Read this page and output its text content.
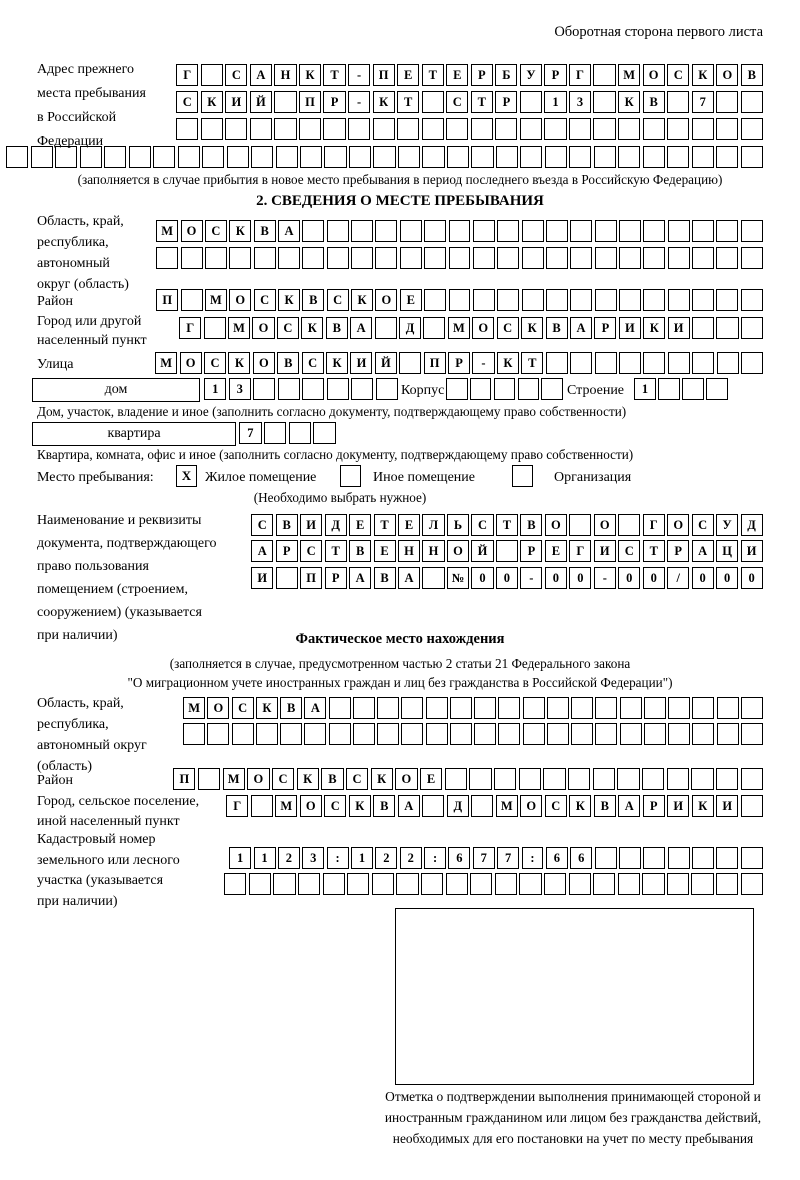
Оборотная сторона первого листа
Адрес прежнего
места пребывания
в Российской
Федерации
Г	С	А	Н	К	Т	-	П	Е	Т	Е	Р	Б	У	Р	Г	М	О	С	К	О	В
С	К	И	Й	П	Р	-	К	Т	С	Т	Р	1	3	К	В	7
(заполняется в случае прибытия в новое место пребывания в период последнего въезда в Российскую Федерацию)
2. СВЕДЕНИЯ О МЕСТЕ ПРЕБЫВАНИЯ
Область, край,
республика,
автономный
округ (область)
М	О	С	К	В	А
Район	П	М	О	С	К	В	С	К	О	Е
Город или другой
населенный пункт
Г	М	О	С	К	В	А	Д	М	О	С	К	В	А	Р	И	К	И
Улица	М	О	С	К	О	В	С	К	И	Й	П	Р	-	К	Т
дом	1	3	Корпус	Строение	1
Дом, участок, владение и иное (заполнить согласно документу, подтверждающему право собственности)
квартира	7
Квартира, комната, офис и иное (заполнить согласно документу, подтверждающему право собственности)
Место пребывания:	X Жилое помещение	Иное помещение	Организация
(Необходимо выбрать нужное)
Наименование и реквизиты
документа, подтверждающего
право пользования
помещением (строением,
сооружением) (указывается
при наличии)
С	В	И	Д	Е	Т	Е	Л	Ь	С	Т	В	О	О	Г	О	С	У	Д
А	Р	С	Т	В	Е	Н	Н	О	Й	Р	Е	Г	И	С	Т	Р	А	Ц	И
И	П	Р	А	В	А	№	0	0	-	0	0	-	0	0	/	0	0	0
Фактическое место нахождения
(заполняется в случае, предусмотренном частью 2 статьи 21 Федерального закона
"О миграционном учете иностранных граждан и лиц без гражданства в Российской Федерации")
Область, край,
республика,
автономный округ
(область)
М	О	С	К	В	А
Район	П	М	О	С	К	В	С	К	О	Е
Город, сельское поселение,
иной населенный пункт
Г	М	О	С	К	В	А	Д	М	О	С	К	В	А	Р	И	К	И
Кадастровый номер
земельного или лесного
участка (указывается
при наличии)
1	1	2	3	:	1	2	2	:	6	7	7	:	6	6
Отметка о подтверждении выполнения принимающей стороной и иностранным гражданином или лицом без гражданства действий, необходимых для его постановки на учет по месту пребывания
